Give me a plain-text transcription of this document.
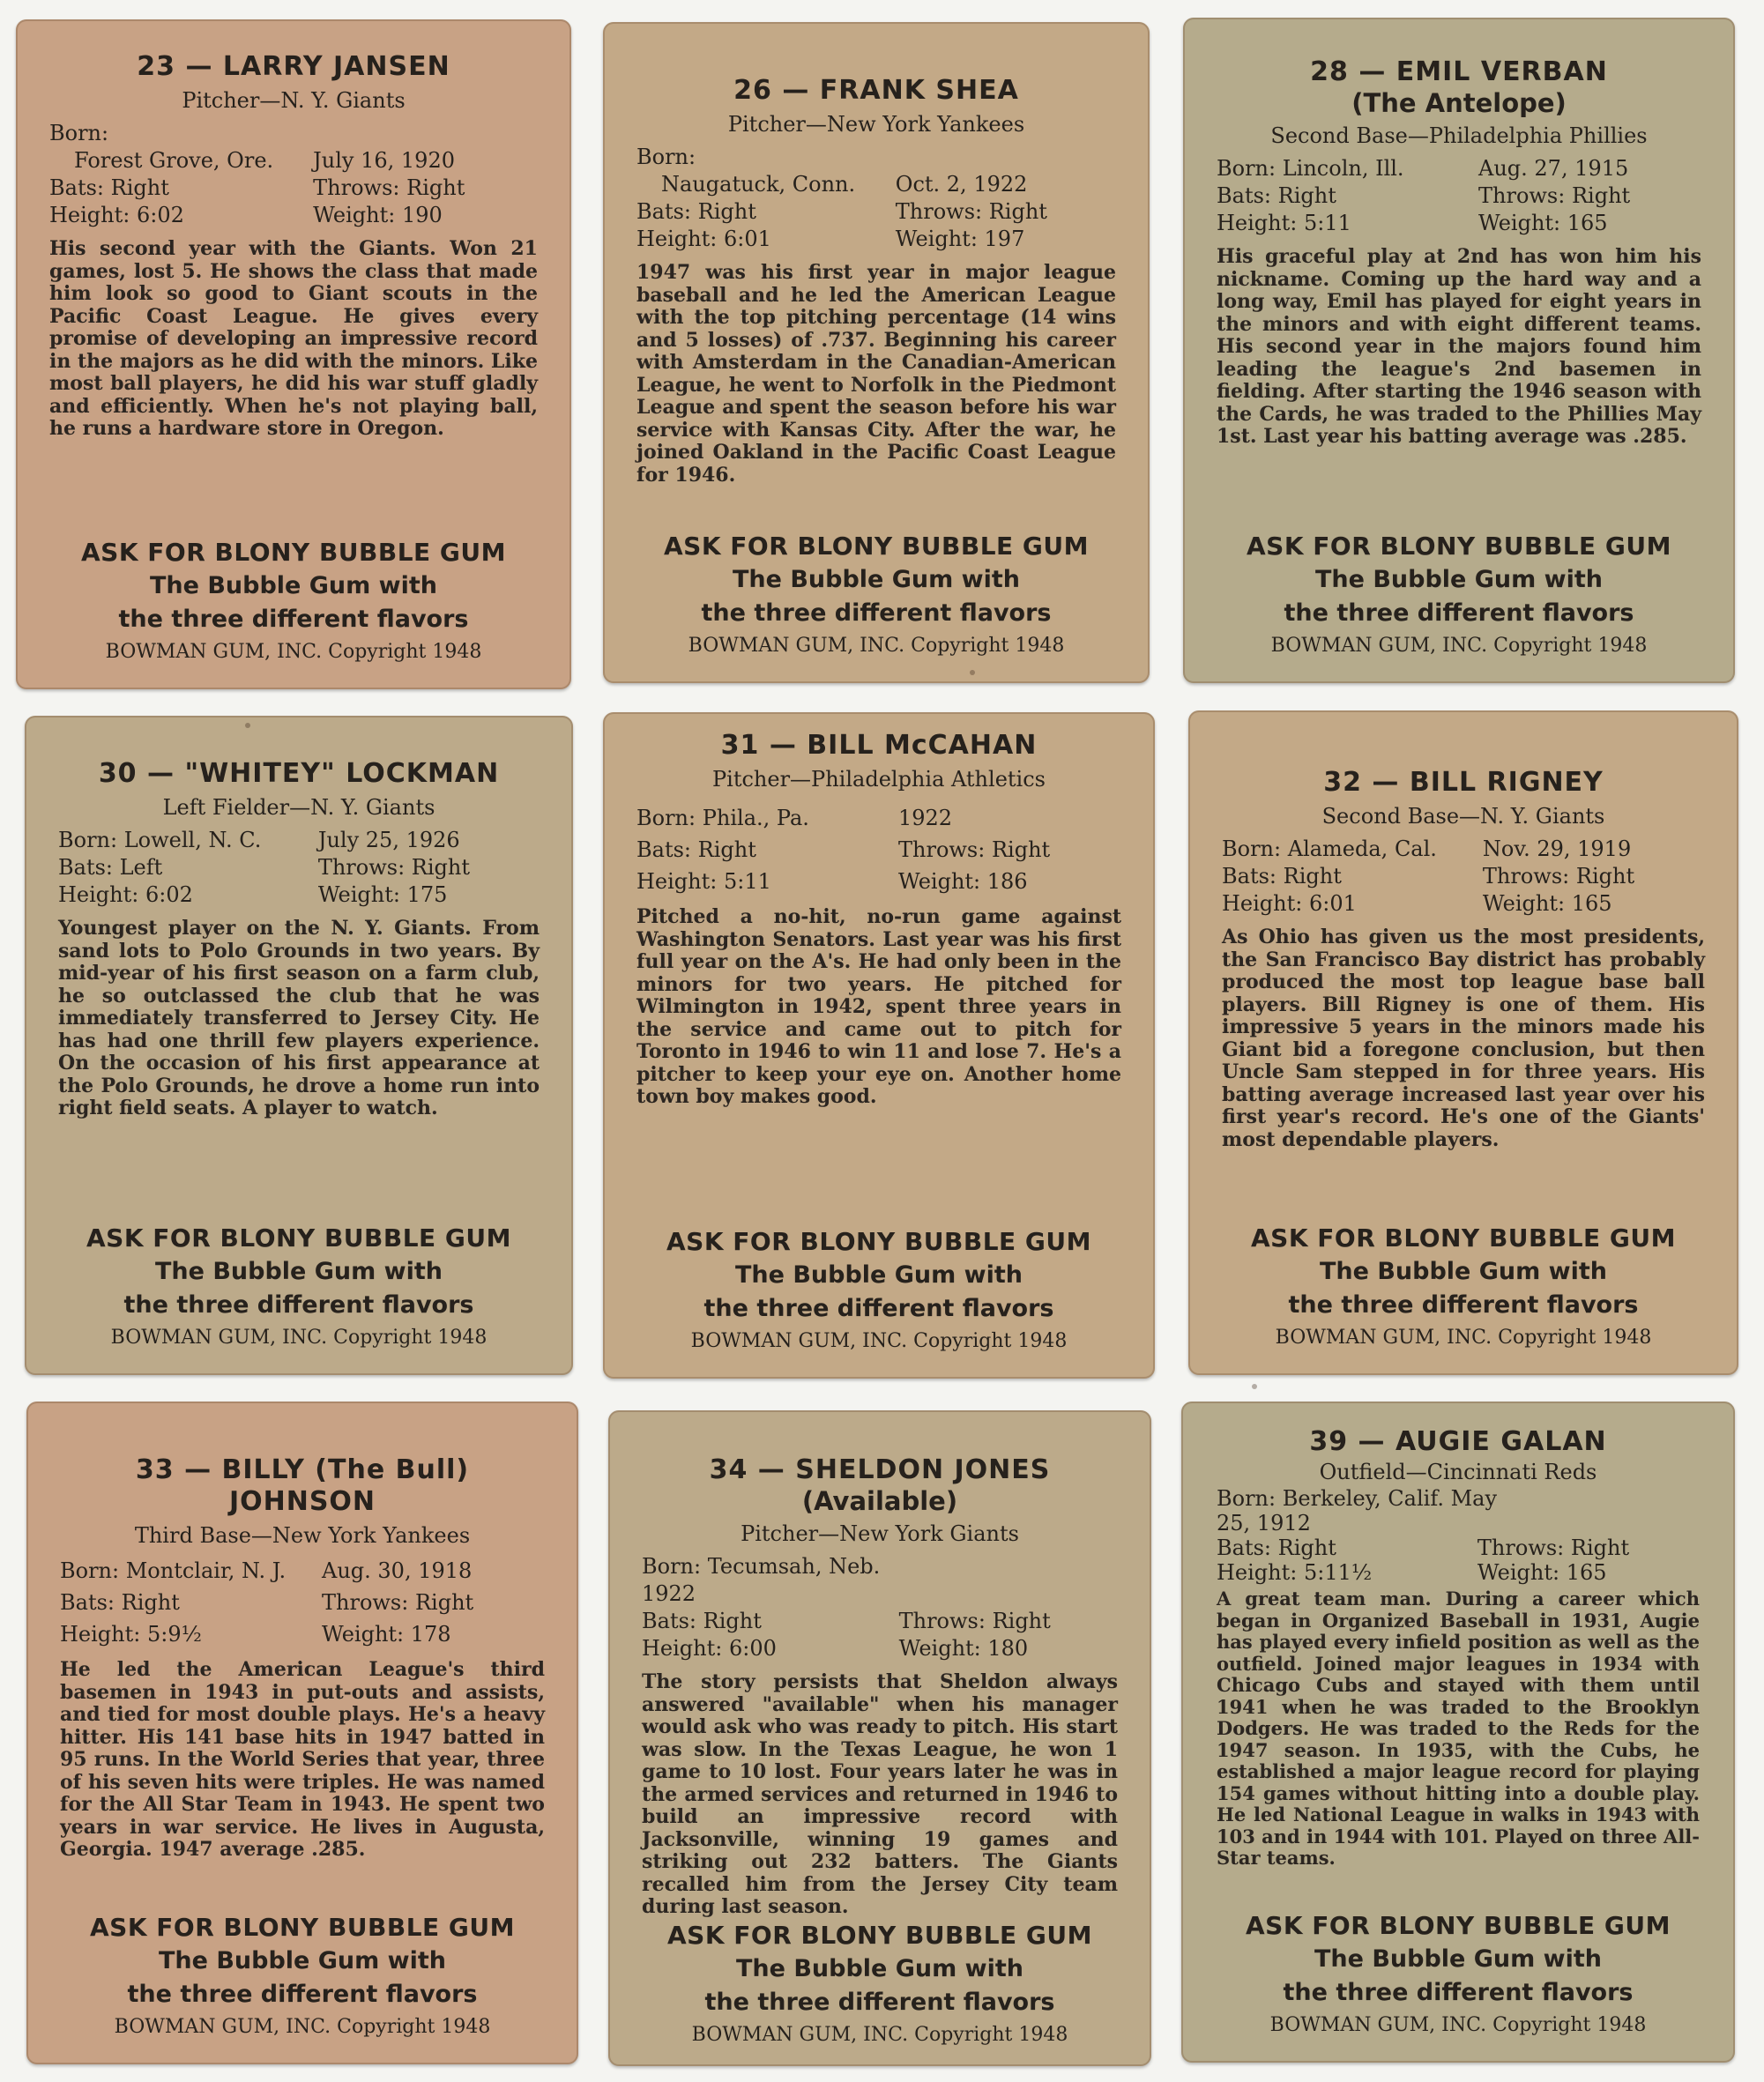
23 — LARRY JANSEN
Pitcher—N. Y. Giants
Born:
Forest Grove, Ore. July 16, 1920
Bats: Right	Throws: Right
Height: 6:02	Weight: 190
His second year with the Giants. Won 21 games, lost 5. He shows the class that made him look so good to Giant scouts in the Pacific Coast League. He gives every promise of developing an impressive record in the majors as he did with the minors. Like most ball players, he did his war stuff gladly and efficiently. When he's not playing ball, he runs a hardware store in Oregon.
ASK FOR BLONY BUBBLE GUM
The Bubble Gum with
the three different flavors
BOWMAN GUM, INC. Copyright 1948
26 — FRANK SHEA
Pitcher—New York Yankees
Born:
Naugatuck, Conn. Oct. 2, 1922
Bats: Right	Throws: Right
Height: 6:01	Weight: 197
1947 was his first year in major league baseball and he led the American League with the top pitching percentage (14 wins and 5 losses) of .737. Beginning his career with Amsterdam in the Canadian-American League, he went to Norfolk in the Piedmont League and spent the season before his war service with Kansas City. After the war, he joined Oakland in the Pacific Coast League for 1946.
ASK FOR BLONY BUBBLE GUM
The Bubble Gum with
the three different flavors
BOWMAN GUM, INC. Copyright 1948
28 — EMIL VERBAN
(The Antelope)
Second Base—Philadelphia Phillies
Born: Lincoln, Ill.	Aug. 27, 1915
Bats: Right	Throws: Right
Height: 5:11	Weight: 165
His graceful play at 2nd has won him his nickname. Coming up the hard way and a long way, Emil has played for eight years in the minors and with eight different teams. His second year in the majors found him leading the league's 2nd basemen in fielding. After starting the 1946 season with the Cards, he was traded to the Phillies May 1st. Last year his batting average was .285.
ASK FOR BLONY BUBBLE GUM
The Bubble Gum with
the three different flavors
BOWMAN GUM, INC. Copyright 1948
30 — "WHITEY" LOCKMAN
Left Fielder—N. Y. Giants
Born: Lowell, N. C.	July 25, 1926
Bats: Left	Throws: Right
Height: 6:02	Weight: 175
Youngest player on the N. Y. Giants. From sand lots to Polo Grounds in two years. By mid-year of his first season on a farm club, he so outclassed the club that he was immediately transferred to Jersey City. He has had one thrill few players experience. On the occasion of his first appearance at the Polo Grounds, he drove a home run into right field seats. A player to watch.
ASK FOR BLONY BUBBLE GUM
The Bubble Gum with
the three different flavors
BOWMAN GUM, INC. Copyright 1948
31 — BILL McCAHAN
Pitcher—Philadelphia Athletics
Born: Phila., Pa.	1922
Bats: Right	Throws: Right
Height: 5:11	Weight: 186
Pitched a no-hit, no-run game against Washington Senators. Last year was his first full year on the A's. He had only been in the minors for two years. He pitched for Wilmington in 1942, spent three years in the service and came out to pitch for Toronto in 1946 to win 11 and lose 7. He's a pitcher to keep your eye on. Another home town boy makes good.
ASK FOR BLONY BUBBLE GUM
The Bubble Gum with
the three different flavors
BOWMAN GUM, INC. Copyright 1948
32 — BILL RIGNEY
Second Base—N. Y. Giants
Born: Alameda, Cal. Nov. 29, 1919
Bats: Right	Throws: Right
Height: 6:01	Weight: 165
As Ohio has given us the most presidents, the San Francisco Bay district has probably produced the most top league base ball players. Bill Rigney is one of them. His impressive 5 years in the minors made his Giant bid a foregone conclusion, but then Uncle Sam stepped in for three years. His batting average increased last year over his first year's record. He's one of the Giants' most dependable players.
ASK FOR BLONY BUBBLE GUM
The Bubble Gum with
the three different flavors
BOWMAN GUM, INC. Copyright 1948
33 — BILLY (The Bull) JOHNSON
Third Base—New York Yankees
Born: Montclair, N. J. Aug. 30, 1918
Bats: Right	Throws: Right
Height: 5:9½	Weight: 178
He led the American League's third basemen in 1943 in put-outs and assists, and tied for most double plays. He's a heavy hitter. His 141 base hits in 1947 batted in 95 runs. In the World Series that year, three of his seven hits were triples. He was named for the All Star Team in 1943. He spent two years in war service. He lives in Augusta, Georgia. 1947 average .285.
ASK FOR BLONY BUBBLE GUM
The Bubble Gum with
the three different flavors
BOWMAN GUM, INC. Copyright 1948
34 — SHELDON JONES
(Available)
Pitcher—New York Giants
Born: Tecumsah, Neb. 1922
Bats: Right	Throws: Right
Height: 6:00	Weight: 180
The story persists that Sheldon always answered "available" when his manager would ask who was ready to pitch. His start was slow. In the Texas League, he won 1 game to 10 lost. Four years later he was in the armed services and returned in 1946 to build an impressive record with Jacksonville, winning 19 games and striking out 232 batters. The Giants recalled him from the Jersey City team during last season.
ASK FOR BLONY BUBBLE GUM
The Bubble Gum with
the three different flavors
BOWMAN GUM, INC. Copyright 1948
39 — AUGIE GALAN
Outfield—Cincinnati Reds
Born: Berkeley, Calif. May 25, 1912
Bats: Right	Throws: Right
Height: 5:11½	Weight: 165
A great team man. During a career which began in Organized Baseball in 1931, Augie has played every infield position as well as the outfield. Joined major leagues in 1934 with Chicago Cubs and stayed with them until 1941 when he was traded to the Brooklyn Dodgers. He was traded to the Reds for the 1947 season. In 1935, with the Cubs, he established a major league record for playing 154 games without hitting into a double play. He led National League in walks in 1943 with 103 and in 1944 with 101. Played on three All-Star teams.
ASK FOR BLONY BUBBLE GUM
The Bubble Gum with
the three different flavors
BOWMAN GUM, INC. Copyright 1948
